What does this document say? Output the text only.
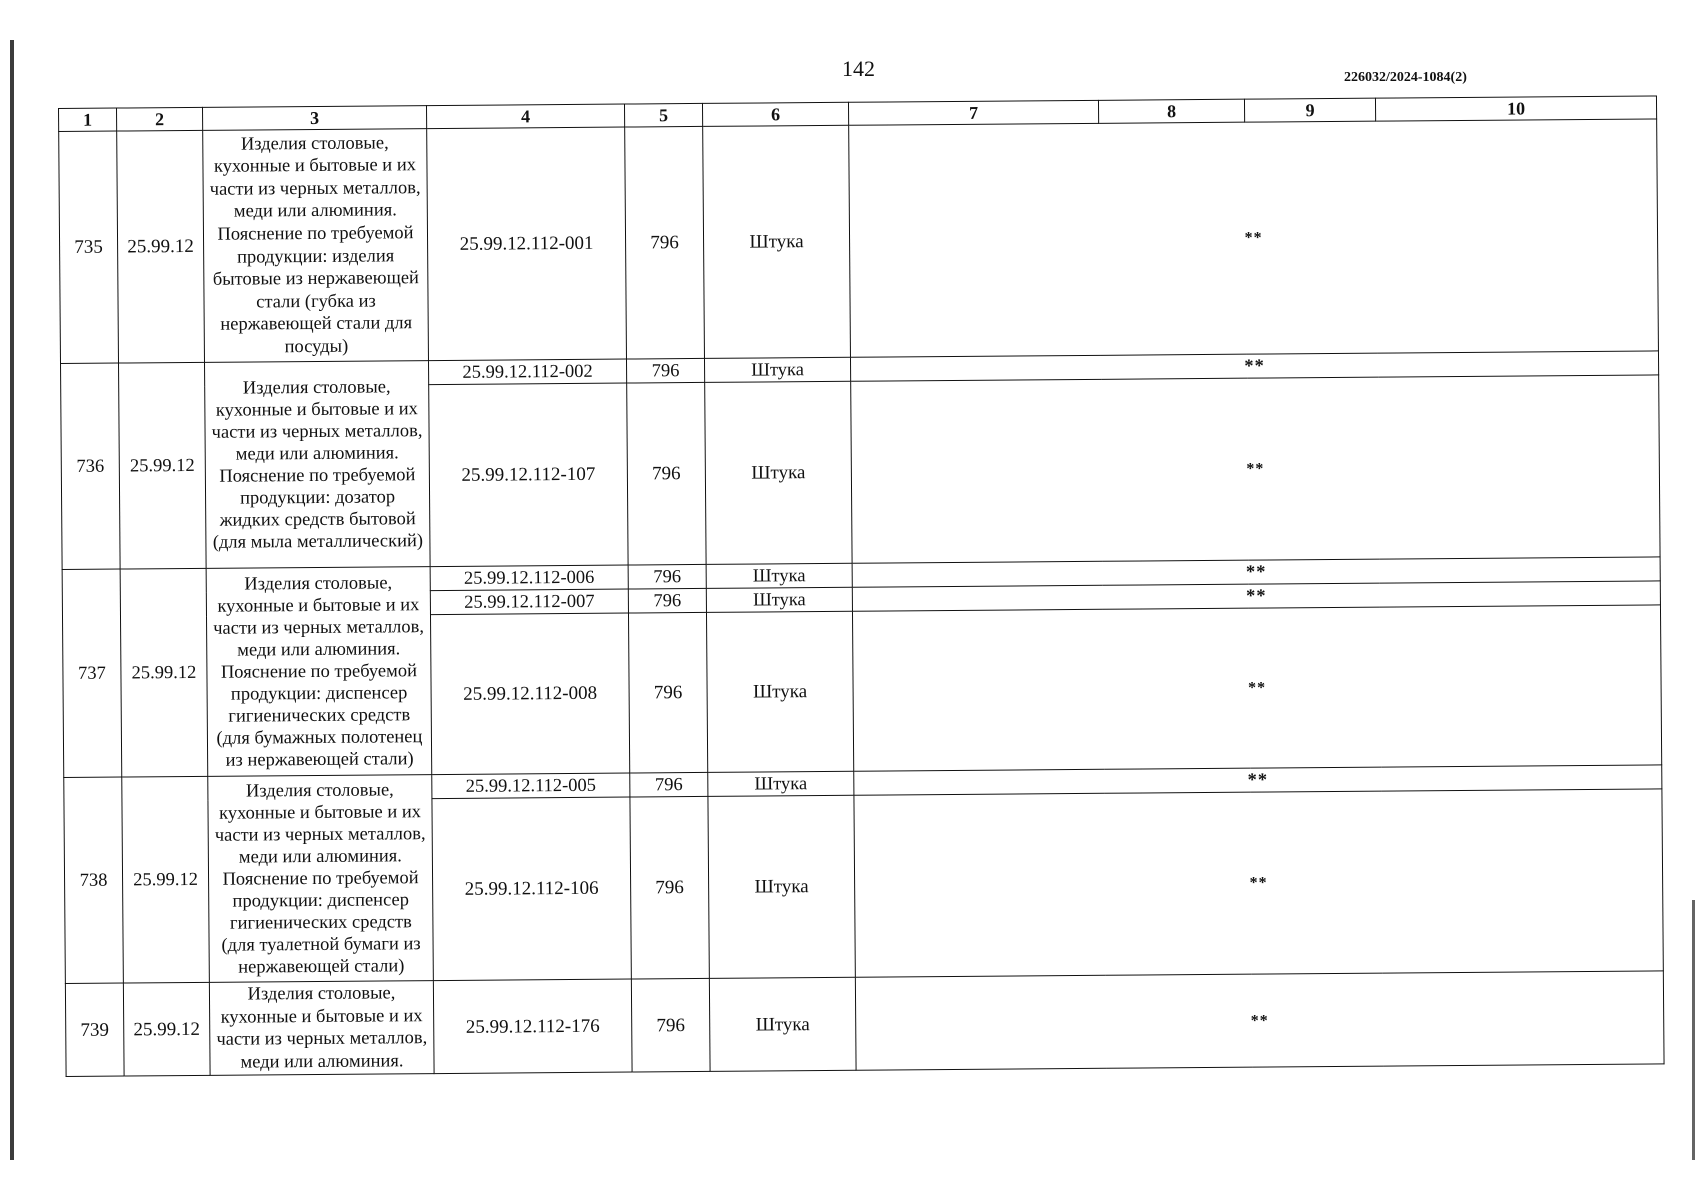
142	226032/2024-1084(2)
1	2	3	4	5	6	7	8	9	10
735	25.99.12	Изделия столовые, кухонные и бытовые и их части из черных металлов, меди или алюминия. Пояснение по требуемой продукции: изделия бытовые из нержавеющей стали (губка из нержавеющей стали для посуды)	25.99.12.112-001	796	Штука	**			
736	25.99.12	Изделия столовые, кухонные и бытовые и их части из черных металлов, меди или алюминия. Пояснение по требуемой продукции: дозатор жидких средств бытовой (для мыла металлический)	25.99.12.112-002	796	Штука	**			
			25.99.12.112-107	796	Штука	**			
737	25.99.12	Изделия столовые, кухонные и бытовые и их части из черных металлов, меди или алюминия. Пояснение по требуемой продукции: диспенсер гигиенических средств (для бумажных полотенец из нержавеющей стали)	25.99.12.112-006	796	Штука	**			
			25.99.12.112-007	796	Штука	**			
			25.99.12.112-008	796	Штука	**			
738	25.99.12	Изделия столовые, кухонные и бытовые и их части из черных металлов, меди или алюминия. Пояснение по требуемой продукции: диспенсер гигиенических средств (для туалетной бумаги из нержавеющей стали)	25.99.12.112-005	796	Штука	**			
			25.99.12.112-106	796	Штука	**			
739	25.99.12	Изделия столовые, кухонные и бытовые и их части из черных металлов, меди или алюминия.	25.99.12.112-176	796	Штука	**			
